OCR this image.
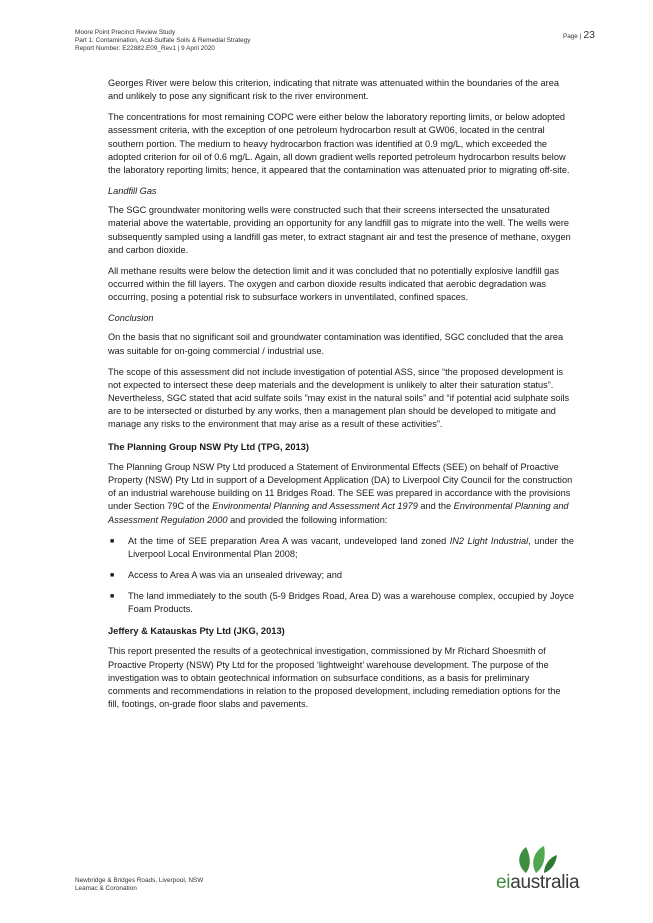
Moore Point Precinct Review Study
Part 1: Contamination, Acid-Sulfate Soils & Remedial Strategy
Report Number: E22882.E09_Rev1 | 9 April 2020
Page | 23

Georges River were below this criterion, indicating that nitrate was attenuated within the boundaries of the area and unlikely to pose any significant risk to the river environment.

The concentrations for most remaining COPC were either below the laboratory reporting limits, or below adopted assessment criteria, with the exception of one petroleum hydrocarbon result at GW06, located in the central southern portion. The medium to heavy hydrocarbon fraction was identified at 0.9 mg/L, which exceeded the adopted criterion for oil of 0.6 mg/L. Again, all down gradient wells reported petroleum hydrocarbon results below the laboratory reporting limits; hence, it appeared that the contamination was attenuated prior to migrating off-site.

Landfill Gas

The SGC groundwater monitoring wells were constructed such that their screens intersected the unsaturated material above the watertable, providing an opportunity for any landfill gas to migrate into the well. The wells were subsequently sampled using a landfill gas meter, to extract stagnant air and test the presence of methane, oxygen and carbon dioxide.

All methane results were below the detection limit and it was concluded that no potentially explosive landfill gas occurred within the fill layers. The oxygen and carbon dioxide results indicated that aerobic degradation was occurring, posing a potential risk to subsurface workers in unventilated, confined spaces.

Conclusion

On the basis that no significant soil and groundwater contamination was identified, SGC concluded that the area was suitable for on-going commercial / industrial use.

The scope of this assessment did not include investigation of potential ASS, since “the proposed development is not expected to intersect these deep materials and the development is unlikely to alter their saturation status”. Nevertheless, SGC stated that acid sulfate soils ”may exist in the natural soils” and “if potential acid sulphate soils are to be intersected or disturbed by any works, then a management plan should be developed to mitigate and manage any risks to the environment that may arise as a result of these activities”.

The Planning Group NSW Pty Ltd (TPG, 2013)

The Planning Group NSW Pty Ltd produced a Statement of Environmental Effects (SEE) on behalf of Proactive Property (NSW) Pty Ltd in support of a Development Application (DA) to Liverpool City Council for the construction of an industrial warehouse building on 11 Bridges Road. The SEE was prepared in accordance with the provisions under Section 79C of the Environmental Planning and Assessment Act 1979 and the Environmental Planning and Assessment Regulation 2000 and provided the following information:

■ At the time of SEE preparation Area A was vacant, undeveloped land zoned IN2 Light Industrial, under the Liverpool Local Environmental Plan 2008;
■ Access to Area A was via an unsealed driveway; and
■ The land immediately to the south (5-9 Bridges Road, Area D) was a warehouse complex, occupied by Joyce Foam Products.
Jeffery & Katauskas Pty Ltd (JKG, 2013)

This report presented the results of a geotechnical investigation, commissioned by Mr Richard Shoesmith of Proactive Property (NSW) Pty Ltd for the proposed ‘lightweight’ warehouse development. The purpose of the investigation was to obtain geotechnical information on subsurface conditions, as a basis for preliminary comments and recommendations in relation to the proposed development, including remediation options for the fill, footings, on-grade floor slabs and pavements.

Newbridge & Bridges Roads, Liverpool, NSW
Leamac & Coronation	eiaustralia
